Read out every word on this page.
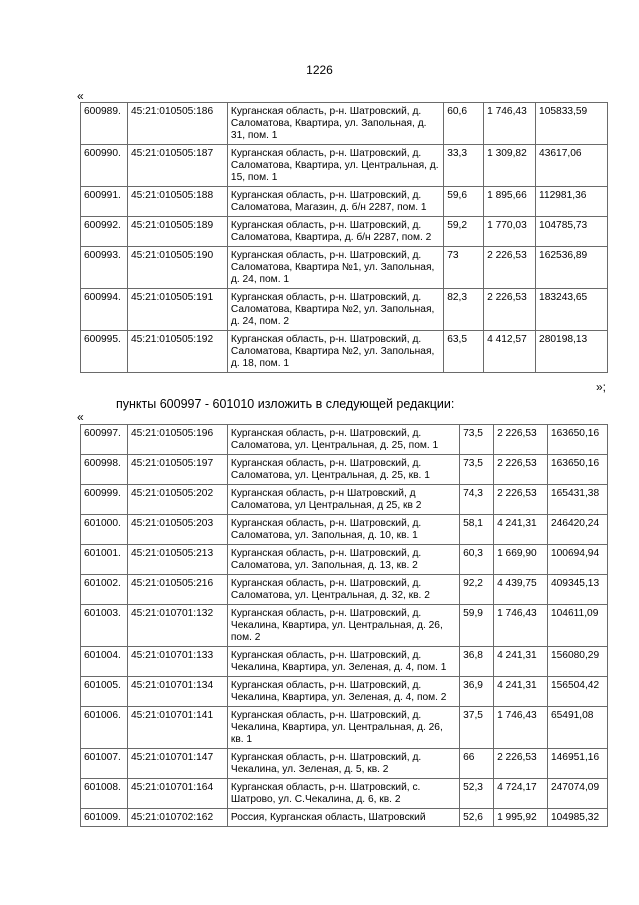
1226
«
600989.	45:21:010505:186	Курганская область, р-н. Шатровский, д. Саломатова, Квартира, ул. Запольная, д. 31, пом. 1	60,6	1 746,43	105833,59
600990.	45:21:010505:187	Курганская область, р-н. Шатровский, д. Саломатова, Квартира, ул. Центральная, д. 15, пом. 1	33,3	1 309,82	43617,06
600991.	45:21:010505:188	Курганская область, р-н. Шатровский, д. Саломатова, Магазин, д. б/н 2287, пом. 1	59,6	1 895,66	112981,36
600992.	45:21:010505:189	Курганская область, р-н. Шатровский, д. Саломатова, Квартира, д. б/н 2287, пом. 2	59,2	1 770,03	104785,73
600993.	45:21:010505:190	Курганская область, р-н. Шатровский, д. Саломатова, Квартира №1, ул. Запольная, д. 24, пом. 1	73	2 226,53	162536,89
600994.	45:21:010505:191	Курганская область, р-н. Шатровский, д. Саломатова, Квартира №2, ул. Запольная, д. 24, пом. 2	82,3	2 226,53	183243,65
600995.	45:21:010505:192	Курганская область, р-н. Шатровский, д. Саломатова, Квартира №2, ул. Запольная, д. 18, пом. 1	63,5	4 412,57	280198,13
»;
пункты 600997 - 601010 изложить в следующей редакции:
«
600997.	45:21:010505:196	Курганская область, р-н. Шатровский, д. Саломатова, ул. Центральная, д. 25, пом. 1	73,5	2 226,53	163650,16
600998.	45:21:010505:197	Курганская область, р-н. Шатровский, д. Саломатова, ул. Центральная, д. 25, кв. 1	73,5	2 226,53	163650,16
600999.	45:21:010505:202	Курганская область, р-н Шатровский, д Саломатова, ул Центральная, д 25, кв 2	74,3	2 226,53	165431,38
601000.	45:21:010505:203	Курганская область, р-н. Шатровский, д. Саломатова, ул. Запольная, д. 10, кв. 1	58,1	4 241,31	246420,24
601001.	45:21:010505:213	Курганская область, р-н. Шатровский, д. Саломатова, ул. Запольная, д. 13, кв. 2	60,3	1 669,90	100694,94
601002.	45:21:010505:216	Курганская область, р-н. Шатровский, д. Саломатова, ул. Центральная, д. 32, кв. 2	92,2	4 439,75	409345,13
601003.	45:21:010701:132	Курганская область, р-н. Шатровский, д. Чекалина, Квартира, ул. Центральная, д. 26, пом. 2	59,9	1 746,43	104611,09
601004.	45:21:010701:133	Курганская область, р-н. Шатровский, д. Чекалина, Квартира, ул. Зеленая, д. 4, пом. 1	36,8	4 241,31	156080,29
601005.	45:21:010701:134	Курганская область, р-н. Шатровский, д. Чекалина, Квартира, ул. Зеленая, д. 4, пом. 2	36,9	4 241,31	156504,42
601006.	45:21:010701:141	Курганская область, р-н. Шатровский, д. Чекалина, Квартира, ул. Центральная, д. 26, кв. 1	37,5	1 746,43	65491,08
601007.	45:21:010701:147	Курганская область, р-н. Шатровский, д. Чекалина, ул. Зеленая, д. 5, кв. 2	66	2 226,53	146951,16
601008.	45:21:010701:164	Курганская область, р-н. Шатровский, с. Шатрово, ул. С.Чекалина, д. 6, кв. 2	52,3	4 724,17	247074,09
601009.	45:21:010702:162	Россия, Курганская область, Шатровский	52,6	1 995,92	104985,32
